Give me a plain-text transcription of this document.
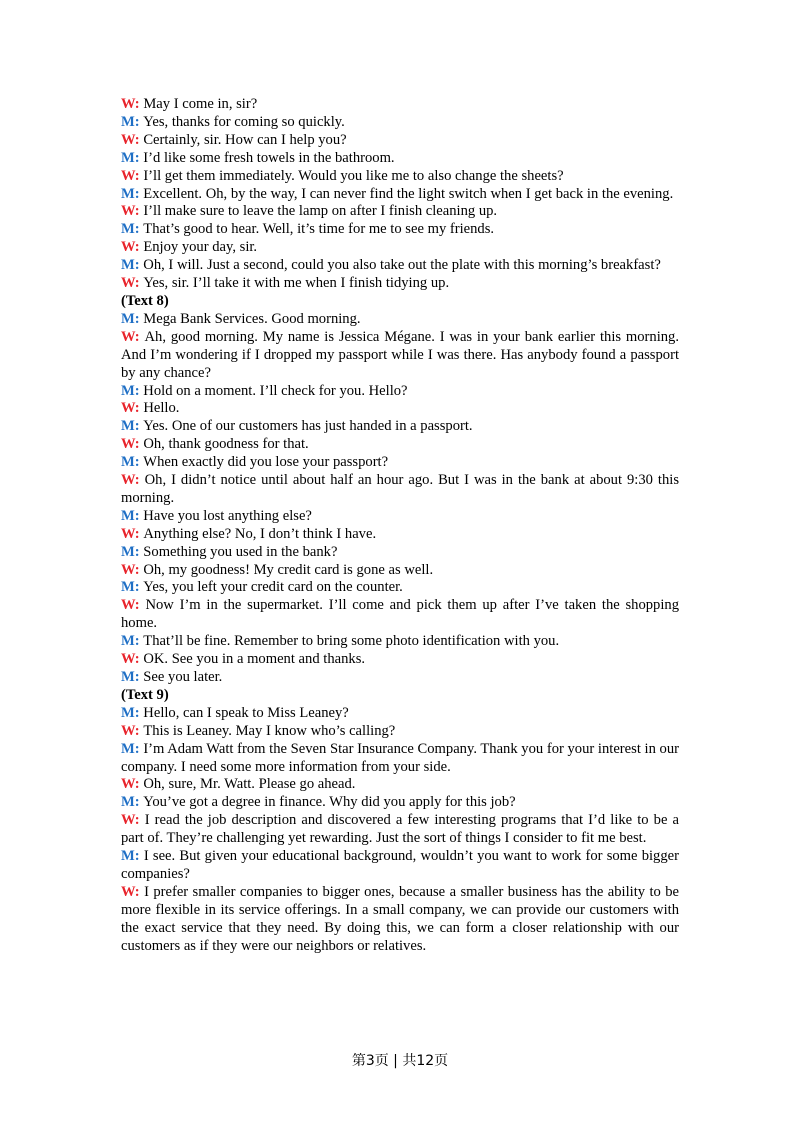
W: May I come in, sir?

M: Yes, thanks for coming so quickly.

W: Certainly, sir. How can I help you?

M: I’d like some fresh towels in the bathroom.

W: I’ll get them immediately. Would you like me to also change the sheets?

M: Excellent. Oh, by the way, I can never find the light switch when I get back in the evening.

W: I’ll make sure to leave the lamp on after I finish cleaning up.

M: That’s good to hear. Well, it’s time for me to see my friends.

W: Enjoy your day, sir.

M: Oh, I will. Just a second, could you also take out the plate with this morning’s breakfast?

W: Yes, sir. I’ll take it with me when I finish tidying up.

(Text 8)

M: Mega Bank Services. Good morning.

W: Ah, good morning. My name is Jessica Mégane. I was in your bank earlier this morning. And I’m wondering if I dropped my passport while I was there. Has anybody found a passport by any chance?

M: Hold on a moment. I’ll check for you. Hello?

W: Hello.

M: Yes. One of our customers has just handed in a passport.

W: Oh, thank goodness for that.

M: When exactly did you lose your passport?

W: Oh, I didn’t notice until about half an hour ago. But I was in the bank at about 9:30 this morning.

M: Have you lost anything else?

W: Anything else? No, I don’t think I have.

M: Something you used in the bank?

W: Oh, my goodness! My credit card is gone as well.

M: Yes, you left your credit card on the counter.

W: Now I’m in the supermarket. I’ll come and pick them up after I’ve taken the shopping home.

M: That’ll be fine. Remember to bring some photo identification with you.

W: OK. See you in a moment and thanks.

M: See you later.

(Text 9)

M: Hello, can I speak to Miss Leaney?

W: This is Leaney. May I know who’s calling?

M: I’m Adam Watt from the Seven Star Insurance Company. Thank you for your interest in our company. I need some more information from your side.

W: Oh, sure, Mr. Watt. Please go ahead.

M: You’ve got a degree in finance. Why did you apply for this job?

W: I read the job description and discovered a few interesting programs that I’d like to be a part of. They’re challenging yet rewarding. Just the sort of things I consider to fit me best.

M: I see. But given your educational background, wouldn’t you want to work for some bigger companies?

W: I prefer smaller companies to bigger ones, because a smaller business has the ability to be more flexible in its service offerings. In a small company, we can provide our customers with the exact service that they need. By doing this, we can form a closer relationship with our customers as if they were our neighbors or relatives.

第3页 | 共12页
